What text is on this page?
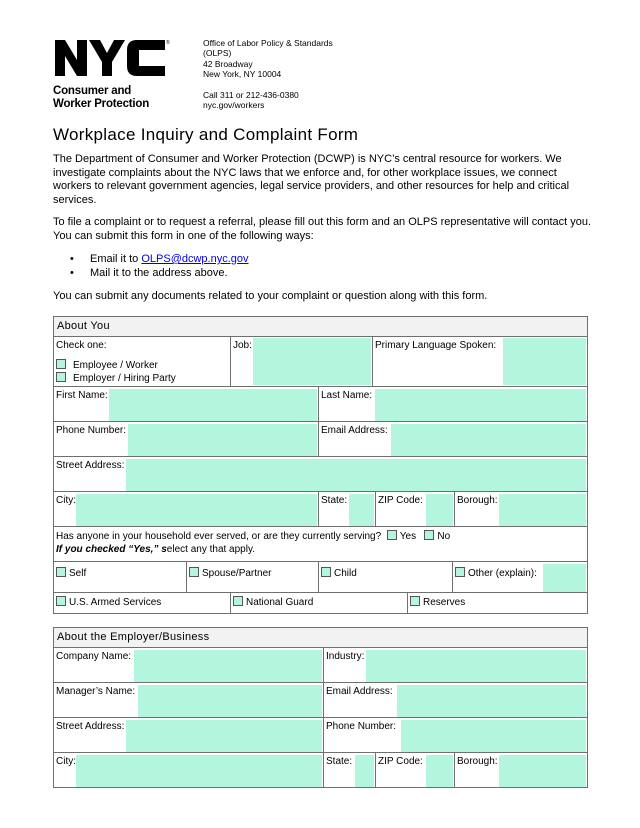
®
Consumer and
Worker Protection

Office of Labor Policy & Standards

(OLPS)

42 Broadway

New York, NY 10004

Call 311 or 212-436-0380

nyc.gov/workers

Workplace Inquiry and Complaint Form
The Department of Consumer and Worker Protection (DCWP) is NYC’s central resource for workers. We investigate complaints about the NYC laws that we enforce and, for other workplace issues, we connect workers to relevant government agencies, legal service providers, and other resources for help and critical services.
To file a complaint or to request a referral, please fill out this form and an OLPS representative will contact you. You can submit this form in one of the following ways:
• Email it to OLPS@dcwp.nyc.gov
• Mail it to the address above.
You can submit any documents related to your complaint or question along with this form.
About You
Check one:
Employee / Worker
Employer / Hiring Party
Job:	Primary Language Spoken:
First Name:	Last Name:
Phone Number:	Email Address:
Street Address:
City:	State:	ZIP Code:	Borough:
Has anyone in your household ever served, or are they currently serving? Yes No
If you checked “Yes,” select any that apply.
Self	Spouse/Partner	Child	Other (explain):
U.S. Armed Services	National Guard	Reserves
About the Employer/Business
Company Name:	Industry:
Manager’s Name:	Email Address:
Street Address:	Phone Number:
City:	State:	ZIP Code:	Borough:
